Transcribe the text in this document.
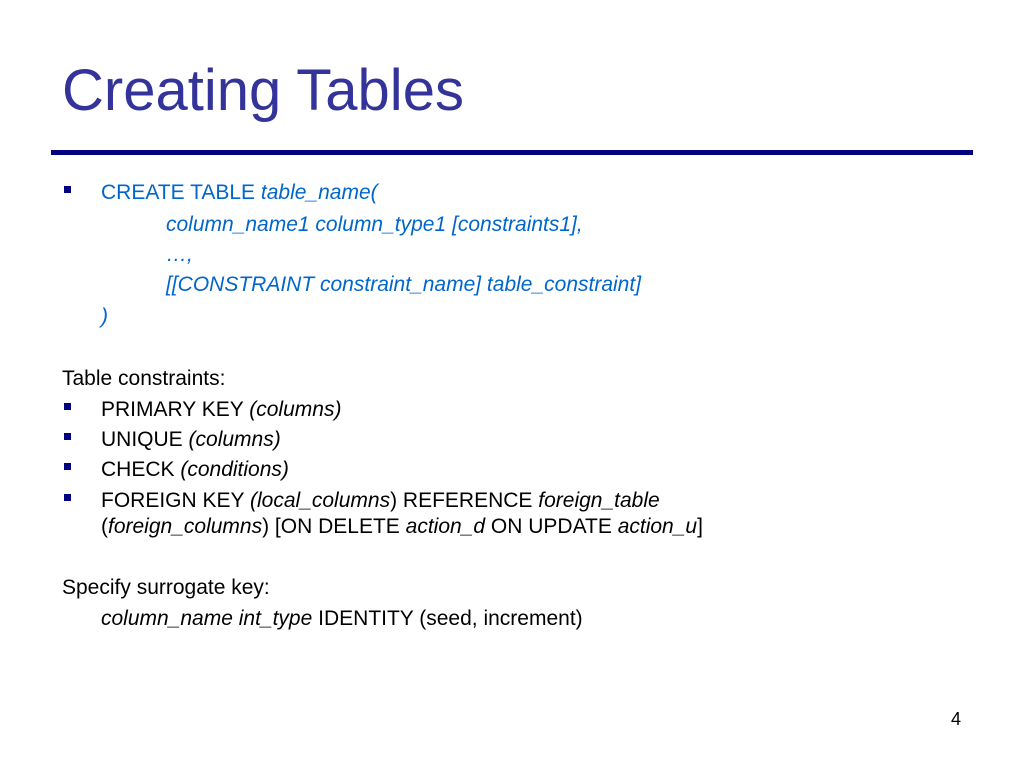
Creating Tables
CREATE TABLE table_name(
column_name1 column_type1 [constraints1],
…,
[[CONSTRAINT constraint_name] table_constraint]
)
Table constraints:
PRIMARY KEY (columns)
UNIQUE (columns)
CHECK (conditions)
FOREIGN KEY (local_columns) REFERENCE foreign_table
(foreign_columns) [ON DELETE action_d ON UPDATE action_u]
Specify surrogate key:
column_name int_type IDENTITY (seed, increment)
4
